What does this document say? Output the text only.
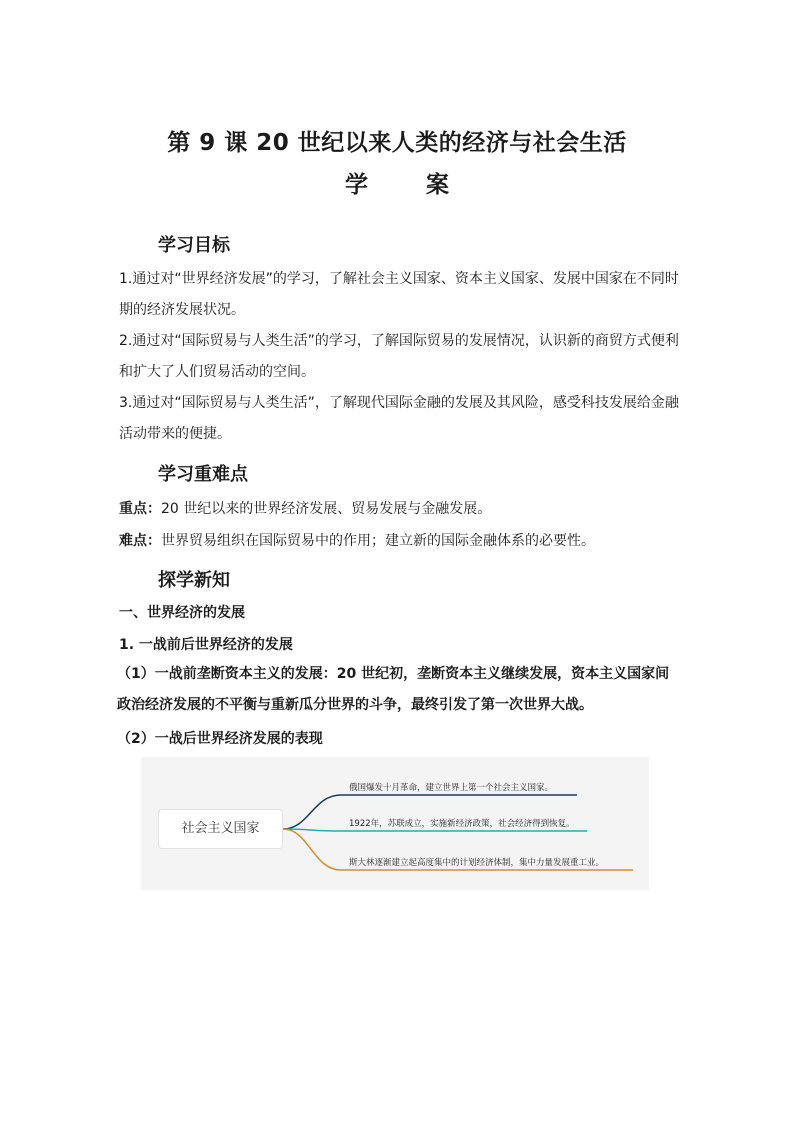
第 9 课 20 世纪以来人类的经济与社会生活
学 案
学习目标
1.通过对“世界经济发展”的学习，了解社会主义国家、资本主义国家、发展中国家在不同时期的经济发展状况。
2.通过对“国际贸易与人类生活”的学习，了解国际贸易的发展情况，认识新的商贸方式便利和扩大了人们贸易活动的空间。
3.通过对“国际贸易与人类生活”，了解现代国际金融的发展及其风险，感受科技发展给金融活动带来的便捷。
学习重难点
重点：20 世纪以来的世界经济发展、贸易发展与金融发展。
难点：世界贸易组织在国际贸易中的作用；建立新的国际金融体系的必要性。
探学新知
一、世界经济的发展
1. 一战前后世界经济的发展
（1）一战前垄断资本主义的发展：20 世纪初，垄断资本主义继续发展，资本主义国家间政治经济发展的不平衡与重新瓜分世界的斗争，最终引发了第一次世界大战。
（2）一战后世界经济发展的表现
社会主义国家
俄国爆发十月革命，建立世界上第一个社会主义国家。
1922年，苏联成立，实施新经济政策，社会经济得到恢复。
斯大林逐渐建立起高度集中的计划经济体制，集中力量发展重工业。
